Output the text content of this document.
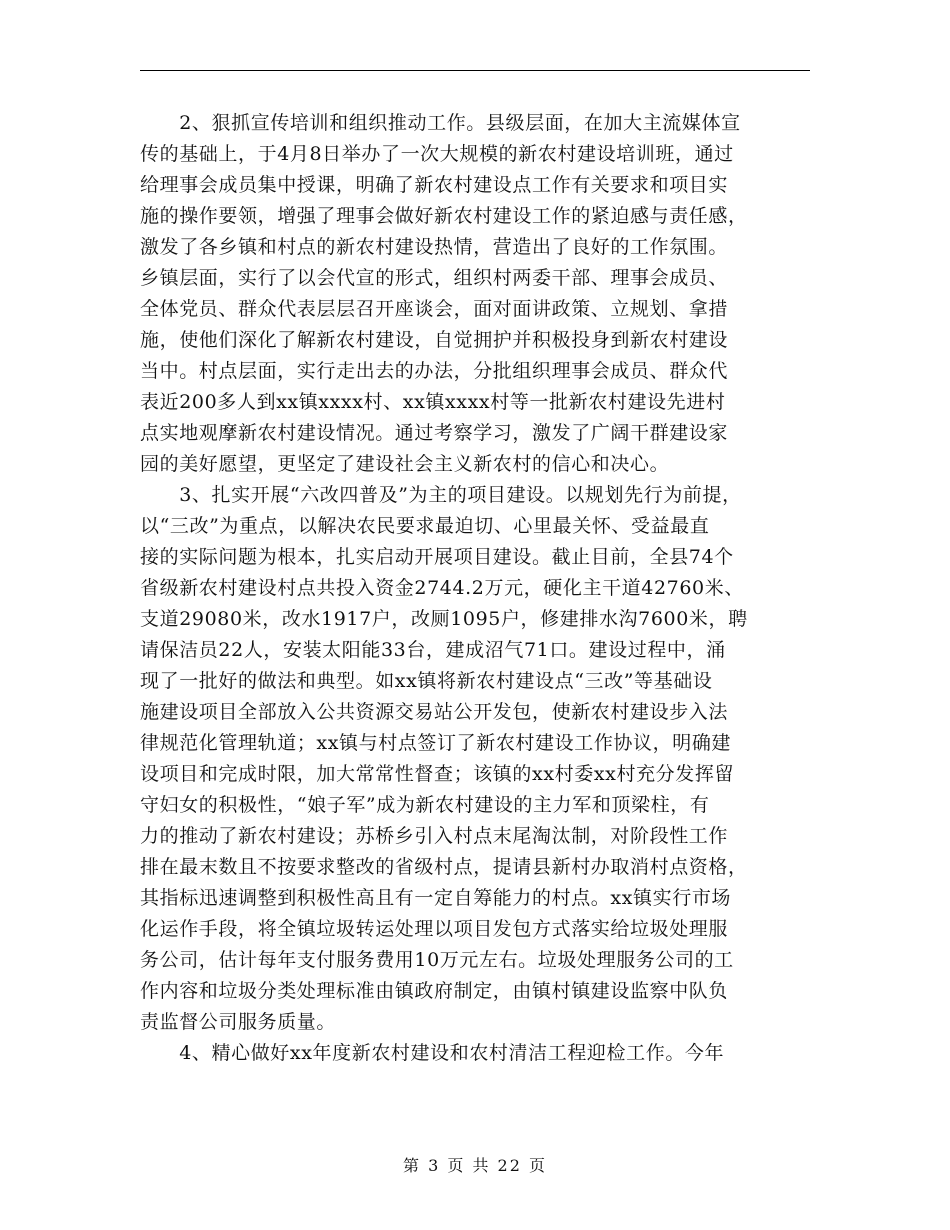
　　2、狠抓宣传培训和组织推动工作。县级层面，在加大主流媒体宣
传的基础上，于4月8日举办了一次大规模的新农村建设培训班，通过
给理事会成员集中授课，明确了新农村建设点工作有关要求和项目实
施的操作要领，增强了理事会做好新农村建设工作的紧迫感与责任感，
激发了各乡镇和村点的新农村建设热情，营造出了良好的工作氛围。
乡镇层面，实行了以会代宣的形式，组织村两委干部、理事会成员、
全体党员、群众代表层层召开座谈会，面对面讲政策、立规划、拿措
施，使他们深化了解新农村建设，自觉拥护并积极投身到新农村建设
当中。村点层面，实行走出去的办法，分批组织理事会成员、群众代
表近200多人到xx镇xxxx村、xx镇xxxx村等一批新农村建设先进村
点实地观摩新农村建设情况。通过考察学习，激发了广阔干群建设家
园的美好愿望，更坚定了建设社会主义新农村的信心和决心。
　　3、扎实开展“六改四普及”为主的项目建设。以规划先行为前提，
以“三改”为重点，以解决农民要求最迫切、心里最关怀、受益最直
接的实际问题为根本，扎实启动开展项目建设。截止目前，全县74个
省级新农村建设村点共投入资金2744.2万元，硬化主干道42760米、
支道29080米，改水1917户，改厕1095户，修建排水沟7600米，聘
请保洁员22人，安装太阳能33台，建成沼气71口。建设过程中，涌
现了一批好的做法和典型。如xx镇将新农村建设点“三改”等基础设
施建设项目全部放入公共资源交易站公开发包，使新农村建设步入法
律规范化管理轨道；xx镇与村点签订了新农村建设工作协议，明确建
设项目和完成时限，加大常常性督查；该镇的xx村委xx村充分发挥留
守妇女的积极性，“娘子军”成为新农村建设的主力军和顶梁柱，有
力的推动了新农村建设；苏桥乡引入村点末尾淘汰制，对阶段性工作
排在最末数且不按要求整改的省级村点，提请县新村办取消村点资格，
其指标迅速调整到积极性高且有一定自筹能力的村点。xx镇实行市场
化运作手段，将全镇垃圾转运处理以项目发包方式落实给垃圾处理服
务公司，估计每年支付服务费用10万元左右。垃圾处理服务公司的工
作内容和垃圾分类处理标准由镇政府制定，由镇村镇建设监察中队负
责监督公司服务质量。
　　4、精心做好xx年度新农村建设和农村清洁工程迎检工作。今年
第 3 页 共 22 页
